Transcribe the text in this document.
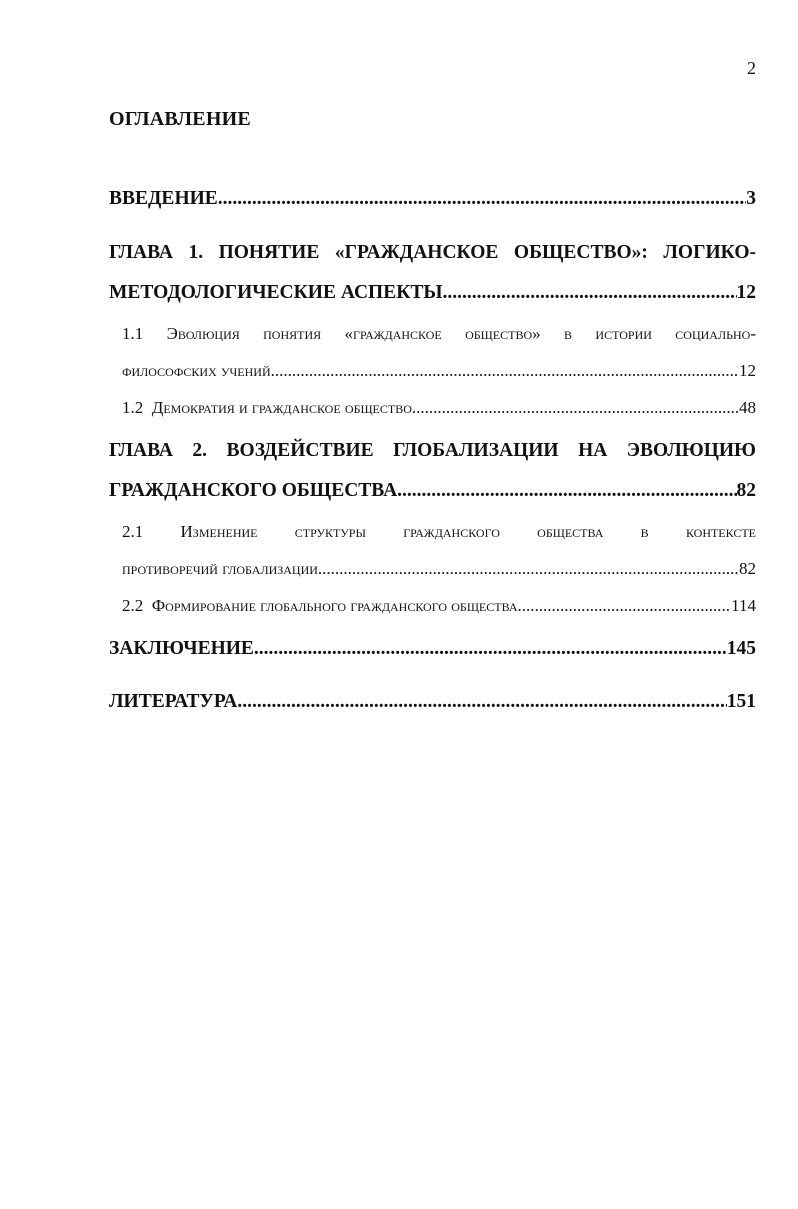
2
ОГЛАВЛЕНИЕ
ВВЕДЕНИЕ .....	3
ГЛАВА 1. ПОНЯТИЕ «ГРАЖДАНСКОЕ ОБЩЕСТВО»: ЛОГИКО-
МЕТОДОЛОГИЧЕСКИЕ АСПЕКТЫ .....	12
1.1 Эволюция понятия «гражданское общество» в истории социально-
философских учений .....	12
1.2 Демократия и гражданское общество .....	48
ГЛАВА 2. ВОЗДЕЙСТВИЕ ГЛОБАЛИЗАЦИИ НА ЭВОЛЮЦИЮ
ГРАЖДАНСКОГО ОБЩЕСТВА .....	82
2.1 Изменение структуры гражданского общества в контексте
противоречий глобализации .....	82
2.2 Формирование глобального гражданского общества .....	114
ЗАКЛЮЧЕНИЕ .....	145
ЛИТЕРАТУРА .....	151
